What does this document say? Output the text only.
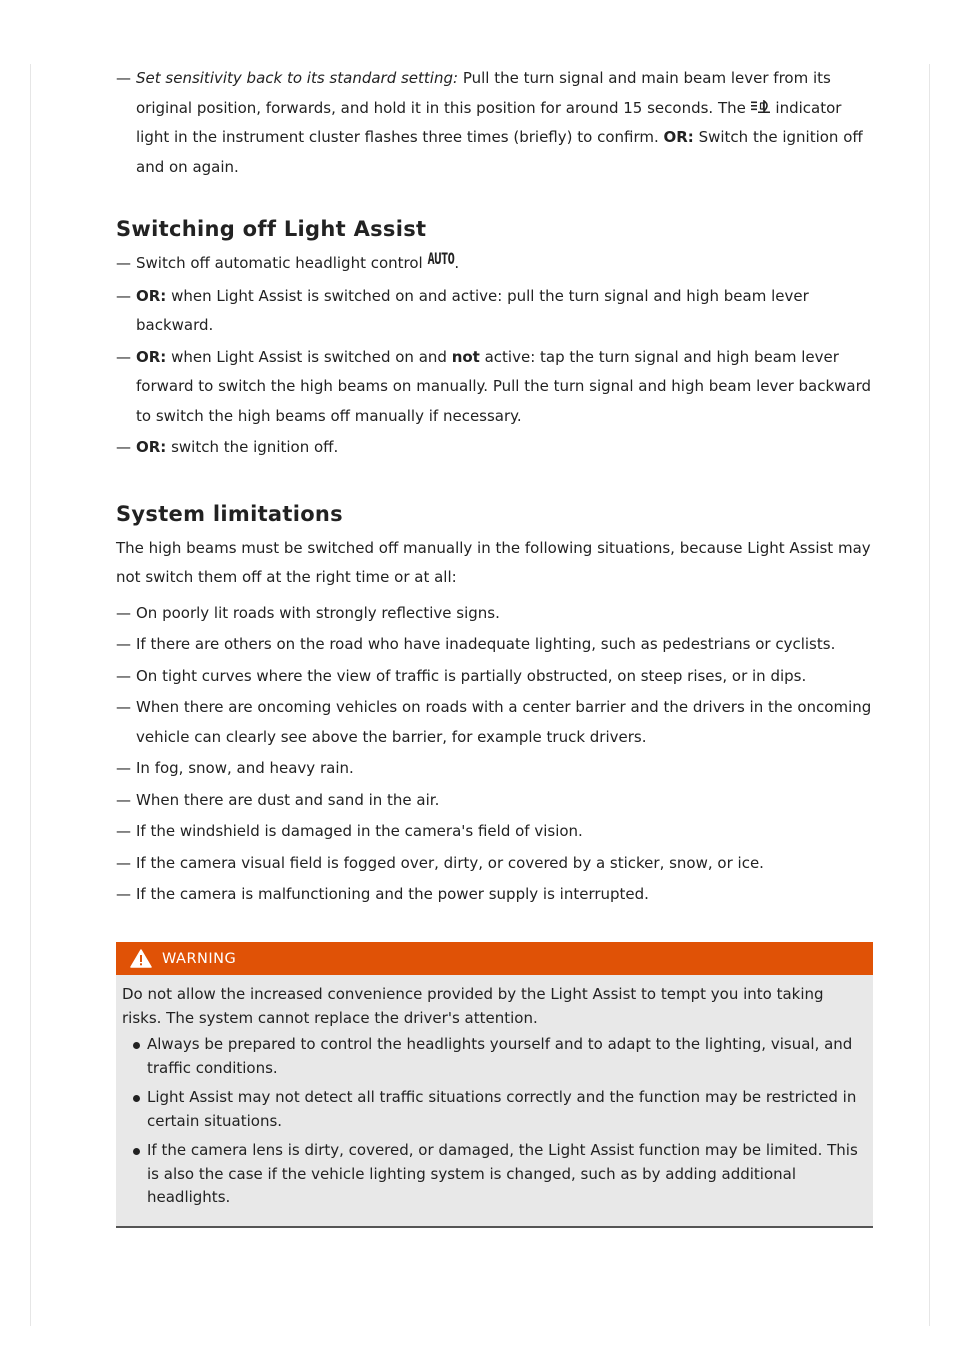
— Set sensitivity back to its standard setting: Pull the turn signal and main beam lever from its original position, forwards, and hold it in this position for around 15 seconds. The  indicator light in the instrument cluster flashes three times (briefly) to confirm. OR: Switch the ignition off and on again.
Switching off Light Assist
— Switch off automatic headlight control AUTO.
— OR: when Light Assist is switched on and active: pull the turn signal and high beam lever backward.
— OR: when Light Assist is switched on and not active: tap the turn signal and high beam lever forward to switch the high beams on manually. Pull the turn signal and high beam lever backward to switch the high beams off manually if necessary.
— OR: switch the ignition off.
System limitations
The high beams must be switched off manually in the following situations, because Light Assist may not switch them off at the right time or at all:
— On poorly lit roads with strongly reflective signs.
— If there are others on the road who have inadequate lighting, such as pedestrians or cyclists.
— On tight curves where the view of traffic is partially obstructed, on steep rises, or in dips.
— When there are oncoming vehicles on roads with a center barrier and the drivers in the oncoming vehicle can clearly see above the barrier, for example truck drivers.
— In fog, snow, and heavy rain.
— When there are dust and sand in the air.
— If the windshield is damaged in the camera's field of vision.
— If the camera visual field is fogged over, dirty, or covered by a sticker, snow, or ice.
— If the camera is malfunctioning and the power supply is interrupted.
WARNING

Do not allow the increased convenience provided by the Light Assist to tempt you into taking risks. The system cannot replace the driver's attention.

Always be prepared to control the headlights yourself and to adapt to the lighting, visual, and traffic conditions.
Light Assist may not detect all traffic situations correctly and the function may be restricted in certain situations.
If the camera lens is dirty, covered, or damaged, the Light Assist function may be limited. This is also the case if the vehicle lighting system is changed, such as by adding additional headlights.
